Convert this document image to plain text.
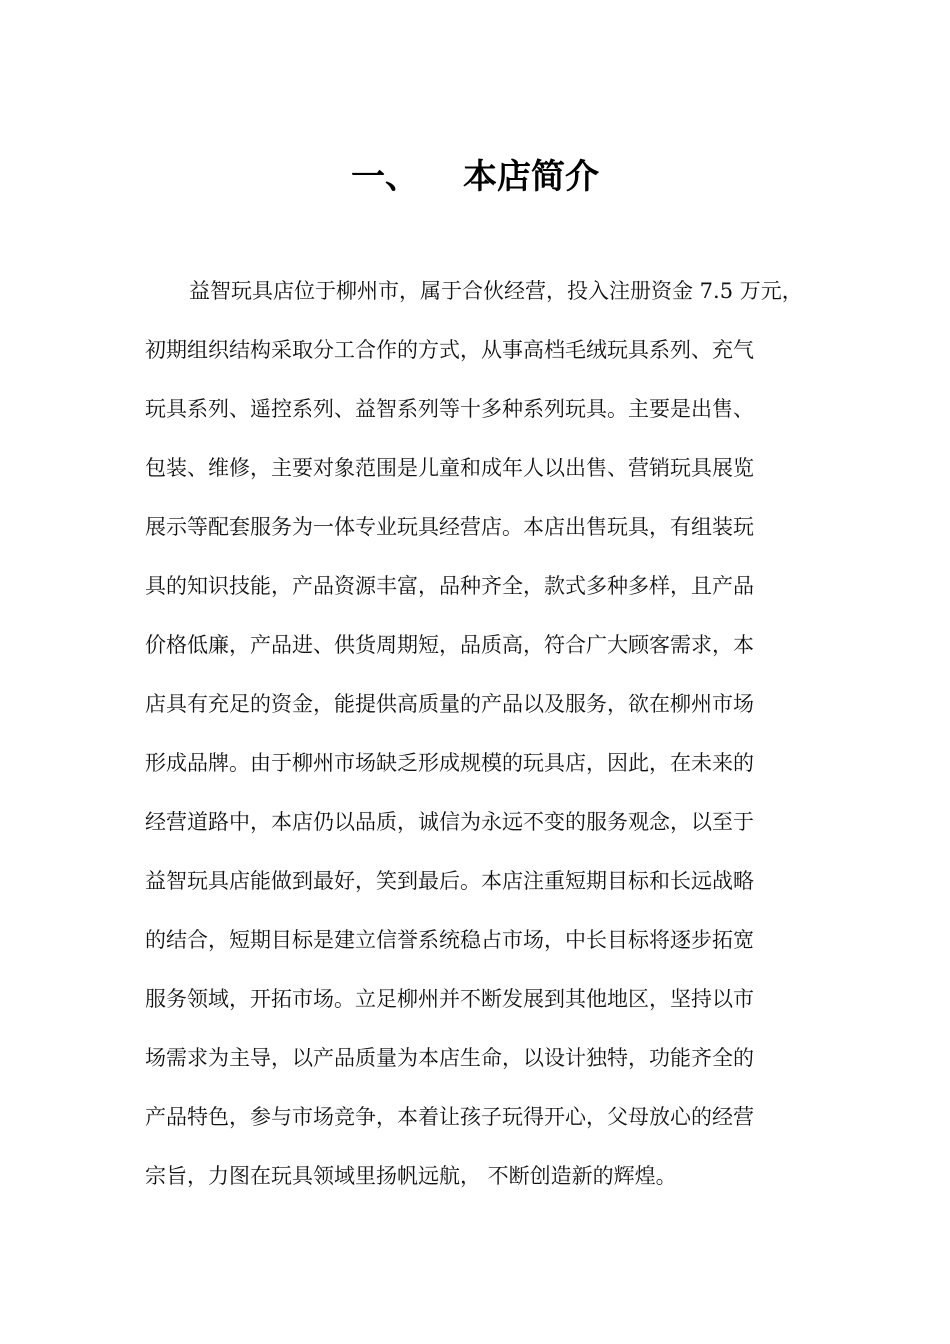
一、 本店简介
益智玩具店位于柳州市，属于合伙经营，投入注册资金 7.5 万元，
初期组织结构采取分工合作的方式，从事高档毛绒玩具系列、充气
玩具系列、遥控系列、益智系列等十多种系列玩具。主要是出售、
包装、维修，主要对象范围是儿童和成年人以出售、营销玩具展览
展示等配套服务为一体专业玩具经营店。本店出售玩具，有组装玩
具的知识技能，产品资源丰富，品种齐全，款式多种多样，且产品
价格低廉，产品进、供货周期短，品质高，符合广大顾客需求，本
店具有充足的资金，能提供高质量的产品以及服务，欲在柳州市场
形成品牌。由于柳州市场缺乏形成规模的玩具店，因此，在未来的
经营道路中，本店仍以品质，诚信为永远不变的服务观念，以至于
益智玩具店能做到最好，笑到最后。本店注重短期目标和长远战略
的结合，短期目标是建立信誉系统稳占市场，中长目标将逐步拓宽
服务领域，开拓市场。立足柳州并不断发展到其他地区，坚持以市
场需求为主导，以产品质量为本店生命，以设计独特，功能齐全的
产品特色，参与市场竞争，本着让孩子玩得开心，父母放心的经营
宗旨，力图在玩具领域里扬帆远航， 不断创造新的辉煌。
